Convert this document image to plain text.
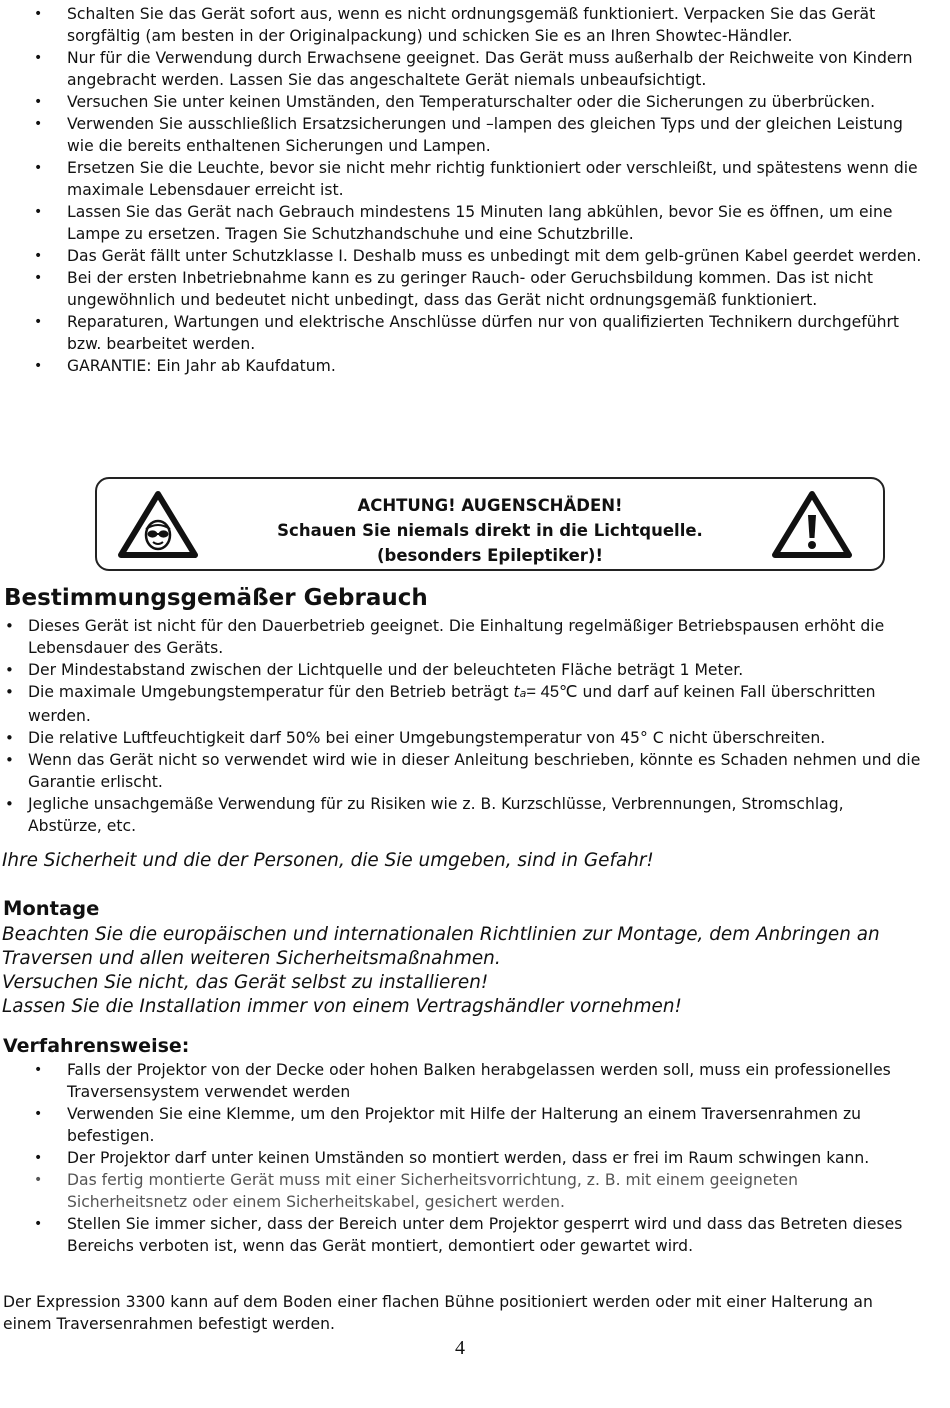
• Schalten Sie das Gerät sofort aus, wenn es nicht ordnungsgemäß funktioniert. Verpacken Sie das Gerät sorgfältig (am besten in der Originalpackung) und schicken Sie es an Ihren Showtec-Händler.
• Nur für die Verwendung durch Erwachsene geeignet. Das Gerät muss außerhalb der Reichweite von Kindern angebracht werden. Lassen Sie das angeschaltete Gerät niemals unbeaufsichtigt.
• Versuchen Sie unter keinen Umständen, den Temperaturschalter oder die Sicherungen zu überbrücken.
• Verwenden Sie ausschließlich Ersatzsicherungen und –lampen des gleichen Typs und der gleichen Leistung wie die bereits enthaltenen Sicherungen und Lampen.
• Ersetzen Sie die Leuchte, bevor sie nicht mehr richtig funktioniert oder verschleißt, und spätestens wenn die maximale Lebensdauer erreicht ist.
• Lassen Sie das Gerät nach Gebrauch mindestens 15 Minuten lang abkühlen, bevor Sie es öffnen, um eine Lampe zu ersetzen. Tragen Sie Schutzhandschuhe und eine Schutzbrille.
• Das Gerät fällt unter Schutzklasse I. Deshalb muss es unbedingt mit dem gelb-grünen Kabel geerdet werden.
• Bei der ersten Inbetriebnahme kann es zu geringer Rauch- oder Geruchsbildung kommen. Das ist nicht ungewöhnlich und bedeutet nicht unbedingt, dass das Gerät nicht ordnungsgemäß funktioniert.
• Reparaturen, Wartungen und elektrische Anschlüsse dürfen nur von qualifizierten Technikern durchgeführt bzw. bearbeitet werden.
• GARANTIE: Ein Jahr ab Kaufdatum.
ACHTUNG! AUGENSCHÄDEN!
Schauen Sie niemals direkt in die Lichtquelle.
(besonders Epileptiker)!
Bestimmungsgemäßer Gebrauch
• Dieses Gerät ist nicht für den Dauerbetrieb geeignet. Die Einhaltung regelmäßiger Betriebspausen erhöht die Lebensdauer des Geräts.
• Der Mindestabstand zwischen der Lichtquelle und der beleuchteten Fläche beträgt 1 Meter.
• Die maximale Umgebungstemperatur für den Betrieb beträgt ta= 45℃ und darf auf keinen Fall überschritten werden.
• Die relative Luftfeuchtigkeit darf 50% bei einer Umgebungstemperatur von 45° C nicht überschreiten.
• Wenn das Gerät nicht so verwendet wird wie in dieser Anleitung beschrieben, könnte es Schaden nehmen und die Garantie erlischt.
• Jegliche unsachgemäße Verwendung für zu Risiken wie z. B. Kurzschlüsse, Verbrennungen, Stromschlag, Abstürze, etc.
Ihre Sicherheit und die der Personen, die Sie umgeben, sind in Gefahr!
Montage
Beachten Sie die europäischen und internationalen Richtlinien zur Montage, dem Anbringen an Traversen und allen weiteren Sicherheitsmaßnahmen.
Versuchen Sie nicht, das Gerät selbst zu installieren!
Lassen Sie die Installation immer von einem Vertragshändler vornehmen!
Verfahrensweise:
• Falls der Projektor von der Decke oder hohen Balken herabgelassen werden soll, muss ein professionelles Traversensystem verwendet werden
• Verwenden Sie eine Klemme, um den Projektor mit Hilfe der Halterung an einem Traversenrahmen zu befestigen.
• Der Projektor darf unter keinen Umständen so montiert werden, dass er frei im Raum schwingen kann.
• Das fertig montierte Gerät muss mit einer Sicherheitsvorrichtung, z. B. mit einem geeigneten Sicherheitsnetz oder einem Sicherheitskabel, gesichert werden.
• Stellen Sie immer sicher, dass der Bereich unter dem Projektor gesperrt wird und dass das Betreten dieses Bereichs verboten ist, wenn das Gerät montiert, demontiert oder gewartet wird.
Der Expression 3300 kann auf dem Boden einer flachen Bühne positioniert werden oder mit einer Halterung an einem Traversenrahmen befestigt werden.
4
